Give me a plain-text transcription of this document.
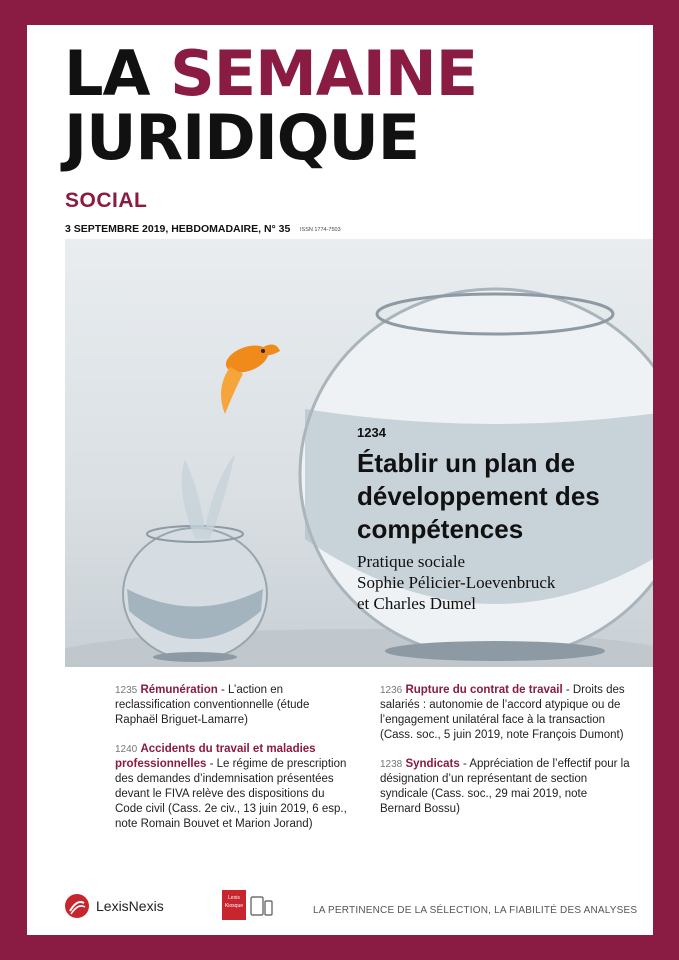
LA SEMAINE
JURIDIQUE
SOCIAL
3 SEPTEMBRE 2019, HEBDOMADAIRE, N° 35 ISSN 1774-7503
1234
Établir un plan de développement des compétences
Pratique sociale
Sophie Pélicier-Loevenbruck
et Charles Dumel

1235 Rémunération - L’action en reclassification conventionnelle (étude Raphaël Briguet-Lamarre)

1240 Accidents du travail et maladies professionnelles - Le régime de prescription des demandes d’indemnisation présentées devant le FIVA relève des dispositions du Code civil (Cass. 2e civ., 13 juin 2019, 6 esp., note Romain Bouvet et Marion Jorand)

1236 Rupture du contrat de travail - Droits des salariés : autonomie de l’accord atypique ou de l’engagement unilatéral face à la transaction (Cass. soc., 5 juin 2019, note François Dumont)

1238 Syndicats - Appréciation de l’effectif pour la désignation d’un représentant de section syndicale (Cass. soc., 29 mai 2019, note Bernard Bossu)

LexisNexis	Lexis
Kiosque	LA PERTINENCE DE LA SÉLECTION, LA FIABILITÉ DES ANALYSES
